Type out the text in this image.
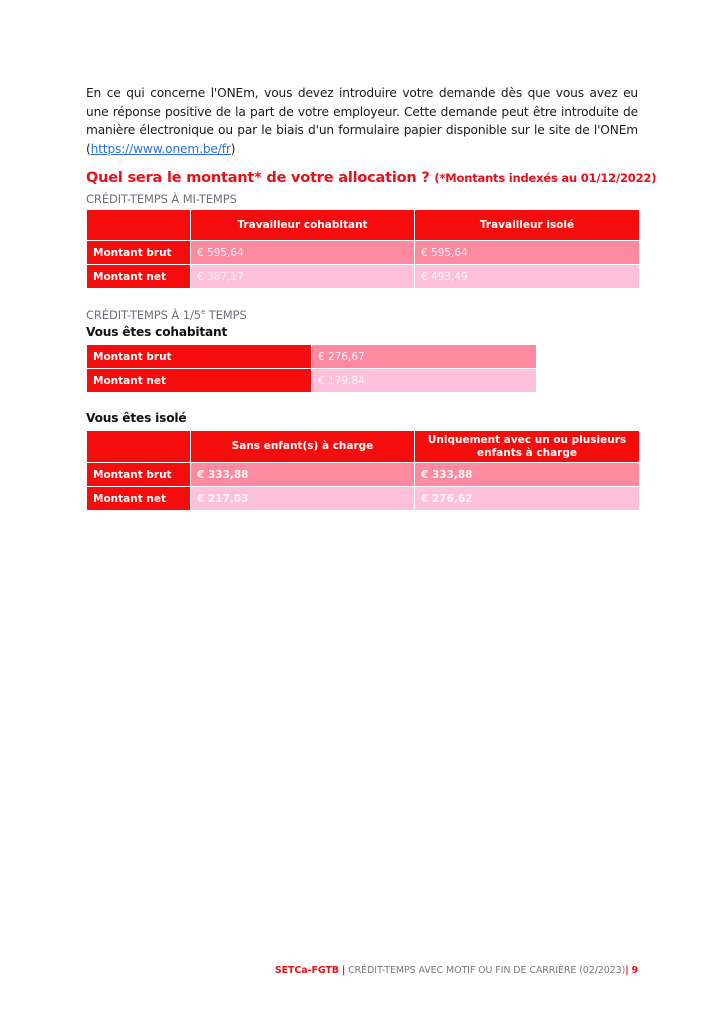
En ce qui concerne l'ONEm, vous devez introduire votre demande dès que vous avez eu une réponse positive de la part de votre employeur. Cette demande peut être introduite de manière électronique ou par le biais d'un formulaire papier disponible sur le site de l'ONEm (https://www.onem.be/fr)
Quel sera le montant* de votre allocation ? (*Montants indexés au 01/12/2022)
CRÉDIT-TEMPS À MI-TEMPS
	Travailleur cohabitant	Travailleur isolé
Montant brut	€ 595,64	€ 595,64
Montant net	€ 387,17	€ 493,49
CRÉDIT-TEMPS À 1/5e TEMPS
Vous êtes cohabitant
Montant brut	€ 276,67
Montant net	€ 179,84
Vous êtes isolé
	Sans enfant(s) à charge	Uniquement avec un ou plusieurs enfants à charge
Montant brut	€ 333,88	€ 333,88
Montant net	€ 217,03	€ 276,62
SETCa-FGTB | CRÉDIT-TEMPS AVEC MOTIF OU FIN DE CARRIÈRE (02/2023)| 9
